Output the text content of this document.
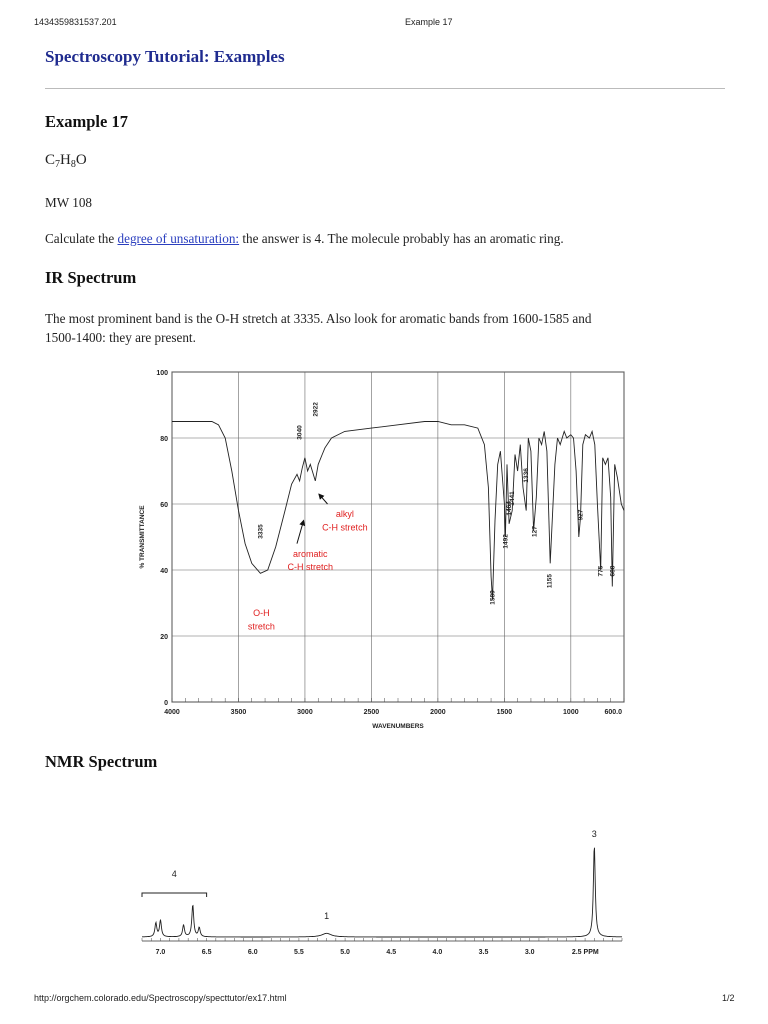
1434359831537.201	Example 17
Spectroscopy Tutorial: Examples
Example 17
$C_7H_8O$
MW 108
Calculate the degree of unsaturation: the answer is 4. The molecule probably has an aromatic ring.
IR Spectrum
The most prominent band is the O-H stretch at 3335. Also look for aromatic bands from 1600-1585 and
1500-1400: they are present.
4000	3500	3000	2500	2000	1500	1000	600.0
0
20
40
60
80
100
WAVENUMBERS
% TRANSMITTANCE	3335
3040
2922
1589
1492
1464
1441
1336
127
1155
927
775 688
O-H
stretch
aromatic
C-H stretch
alkyl
C-H stretch
NMR Spectrum
7.0	6.5	6.0	5.5	5.0	4.5	4.0	3.5	3.0	2.5 PPM
4
1
3
http://orgchem.colorado.edu/Spectroscopy/specttutor/ex17.html	1/2
